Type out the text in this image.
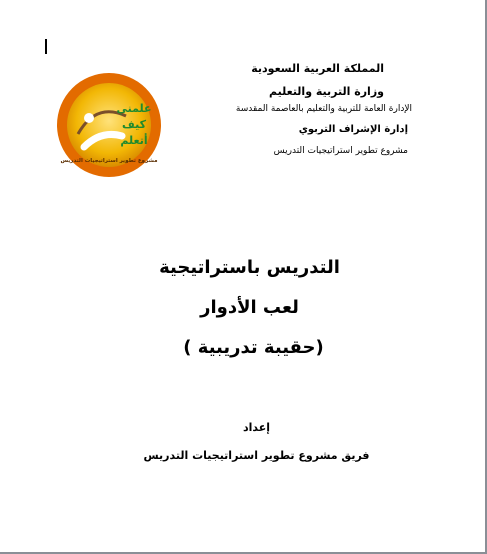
المملكة العربية السعودية
وزارة التربية والتعليم
الإدارة العامة للتربية والتعليم بالعاصمة المقدسة
إدارة الإشراف التربوي
مشروع تطوير استراتيجيات التدريس
علمني
كيف
أتعلم
مشروع تطوير استراتيجيات التدريس
التدريس باستراتيجية
لعب الأدوار
(حقيبة تدريبية )
إعداد
فريق مشروع تطوير استراتيجيات التدريس
